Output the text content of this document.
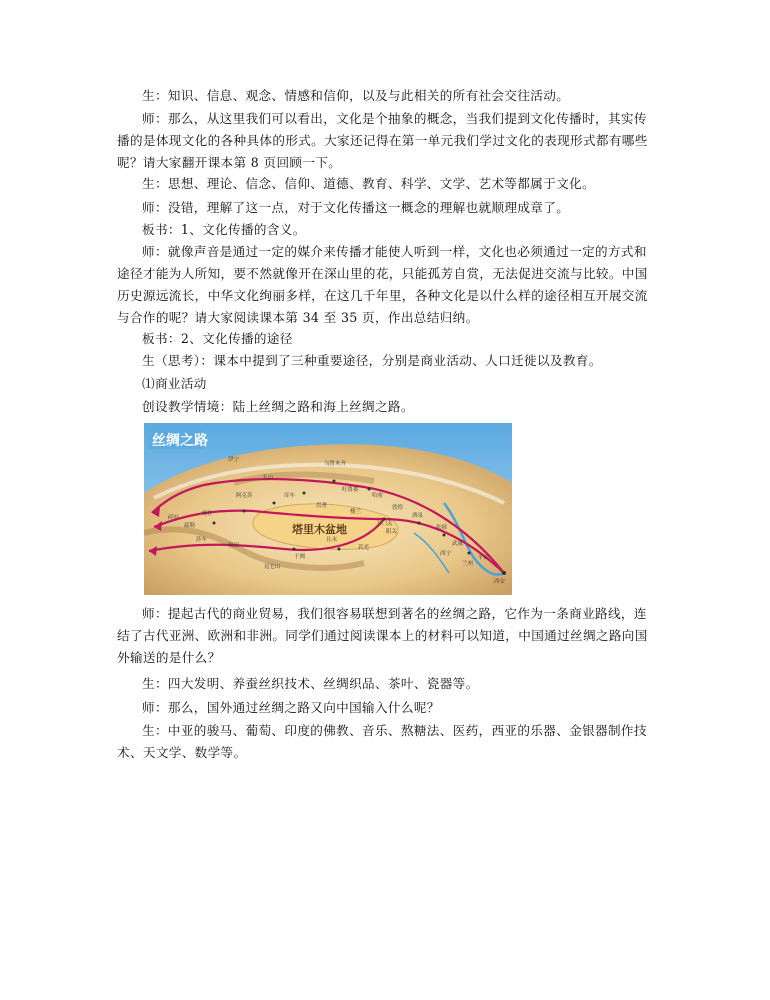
生：知识、信息、观念、情感和信仰，以及与此相关的所有社会交往活动。

师：那么，从这里我们可以看出，文化是个抽象的概念，当我们提到文化传播时，其实传播的是体现文化的各种具体的形式。大家还记得在第一单元我们学过文化的表现形式都有哪些呢？请大家翻开课本第 8 页回顾一下。

生：思想、理论、信念、信仰、道德、教育、科学、文学、艺术等都属于文化。

师：没错，理解了这一点，对于文化传播这一概念的理解也就顺理成章了。

板书：1、文化传播的含义。

师：就像声音是通过一定的媒介来传播才能使人听到一样，文化也必须通过一定的方式和途径才能为人所知，要不然就像开在深山里的花，只能孤芳自赏，无法促进交流与比较。中国历史源远流长，中华文化绚丽多样，在这几千年里，各种文化是以什么样的途径相互开展交流与合作的呢？请大家阅读课本第 34 至 35 页，作出总结归纳。

板书：2、文化传播的途径

生（思考）：课本中提到了三种重要途径，分别是商业活动、人口迁徙以及教育。

⑴商业活动

创设教学情境：陆上丝绸之路和海上丝绸之路。

丝绸之路
塔里木盆地
伊宁
乌鲁木齐
天山
吐鲁番
哈密
阿克苏	库车
焉耆
喀什
莎车
和田
于阗
且末
楼兰
敦煌
玉门关
阳关
酒泉
张掖
武威
兰州
西安
碎叶
疏勒
若羌
昆仑山
西宁
平凉

师：提起古代的商业贸易，我们很容易联想到著名的丝绸之路，它作为一条商业路线，连结了古代亚洲、欧洲和非洲。同学们通过阅读课本上的材料可以知道，中国通过丝绸之路向国外输送的是什么？

生：四大发明、养蚕丝织技术、丝绸织品、茶叶、瓷器等。

师：那么，国外通过丝绸之路又向中国输入什么呢？

生：中亚的骏马、葡萄、印度的佛教、音乐、熬糖法、医药，西亚的乐器、金银器制作技术、天文学、数学等。
